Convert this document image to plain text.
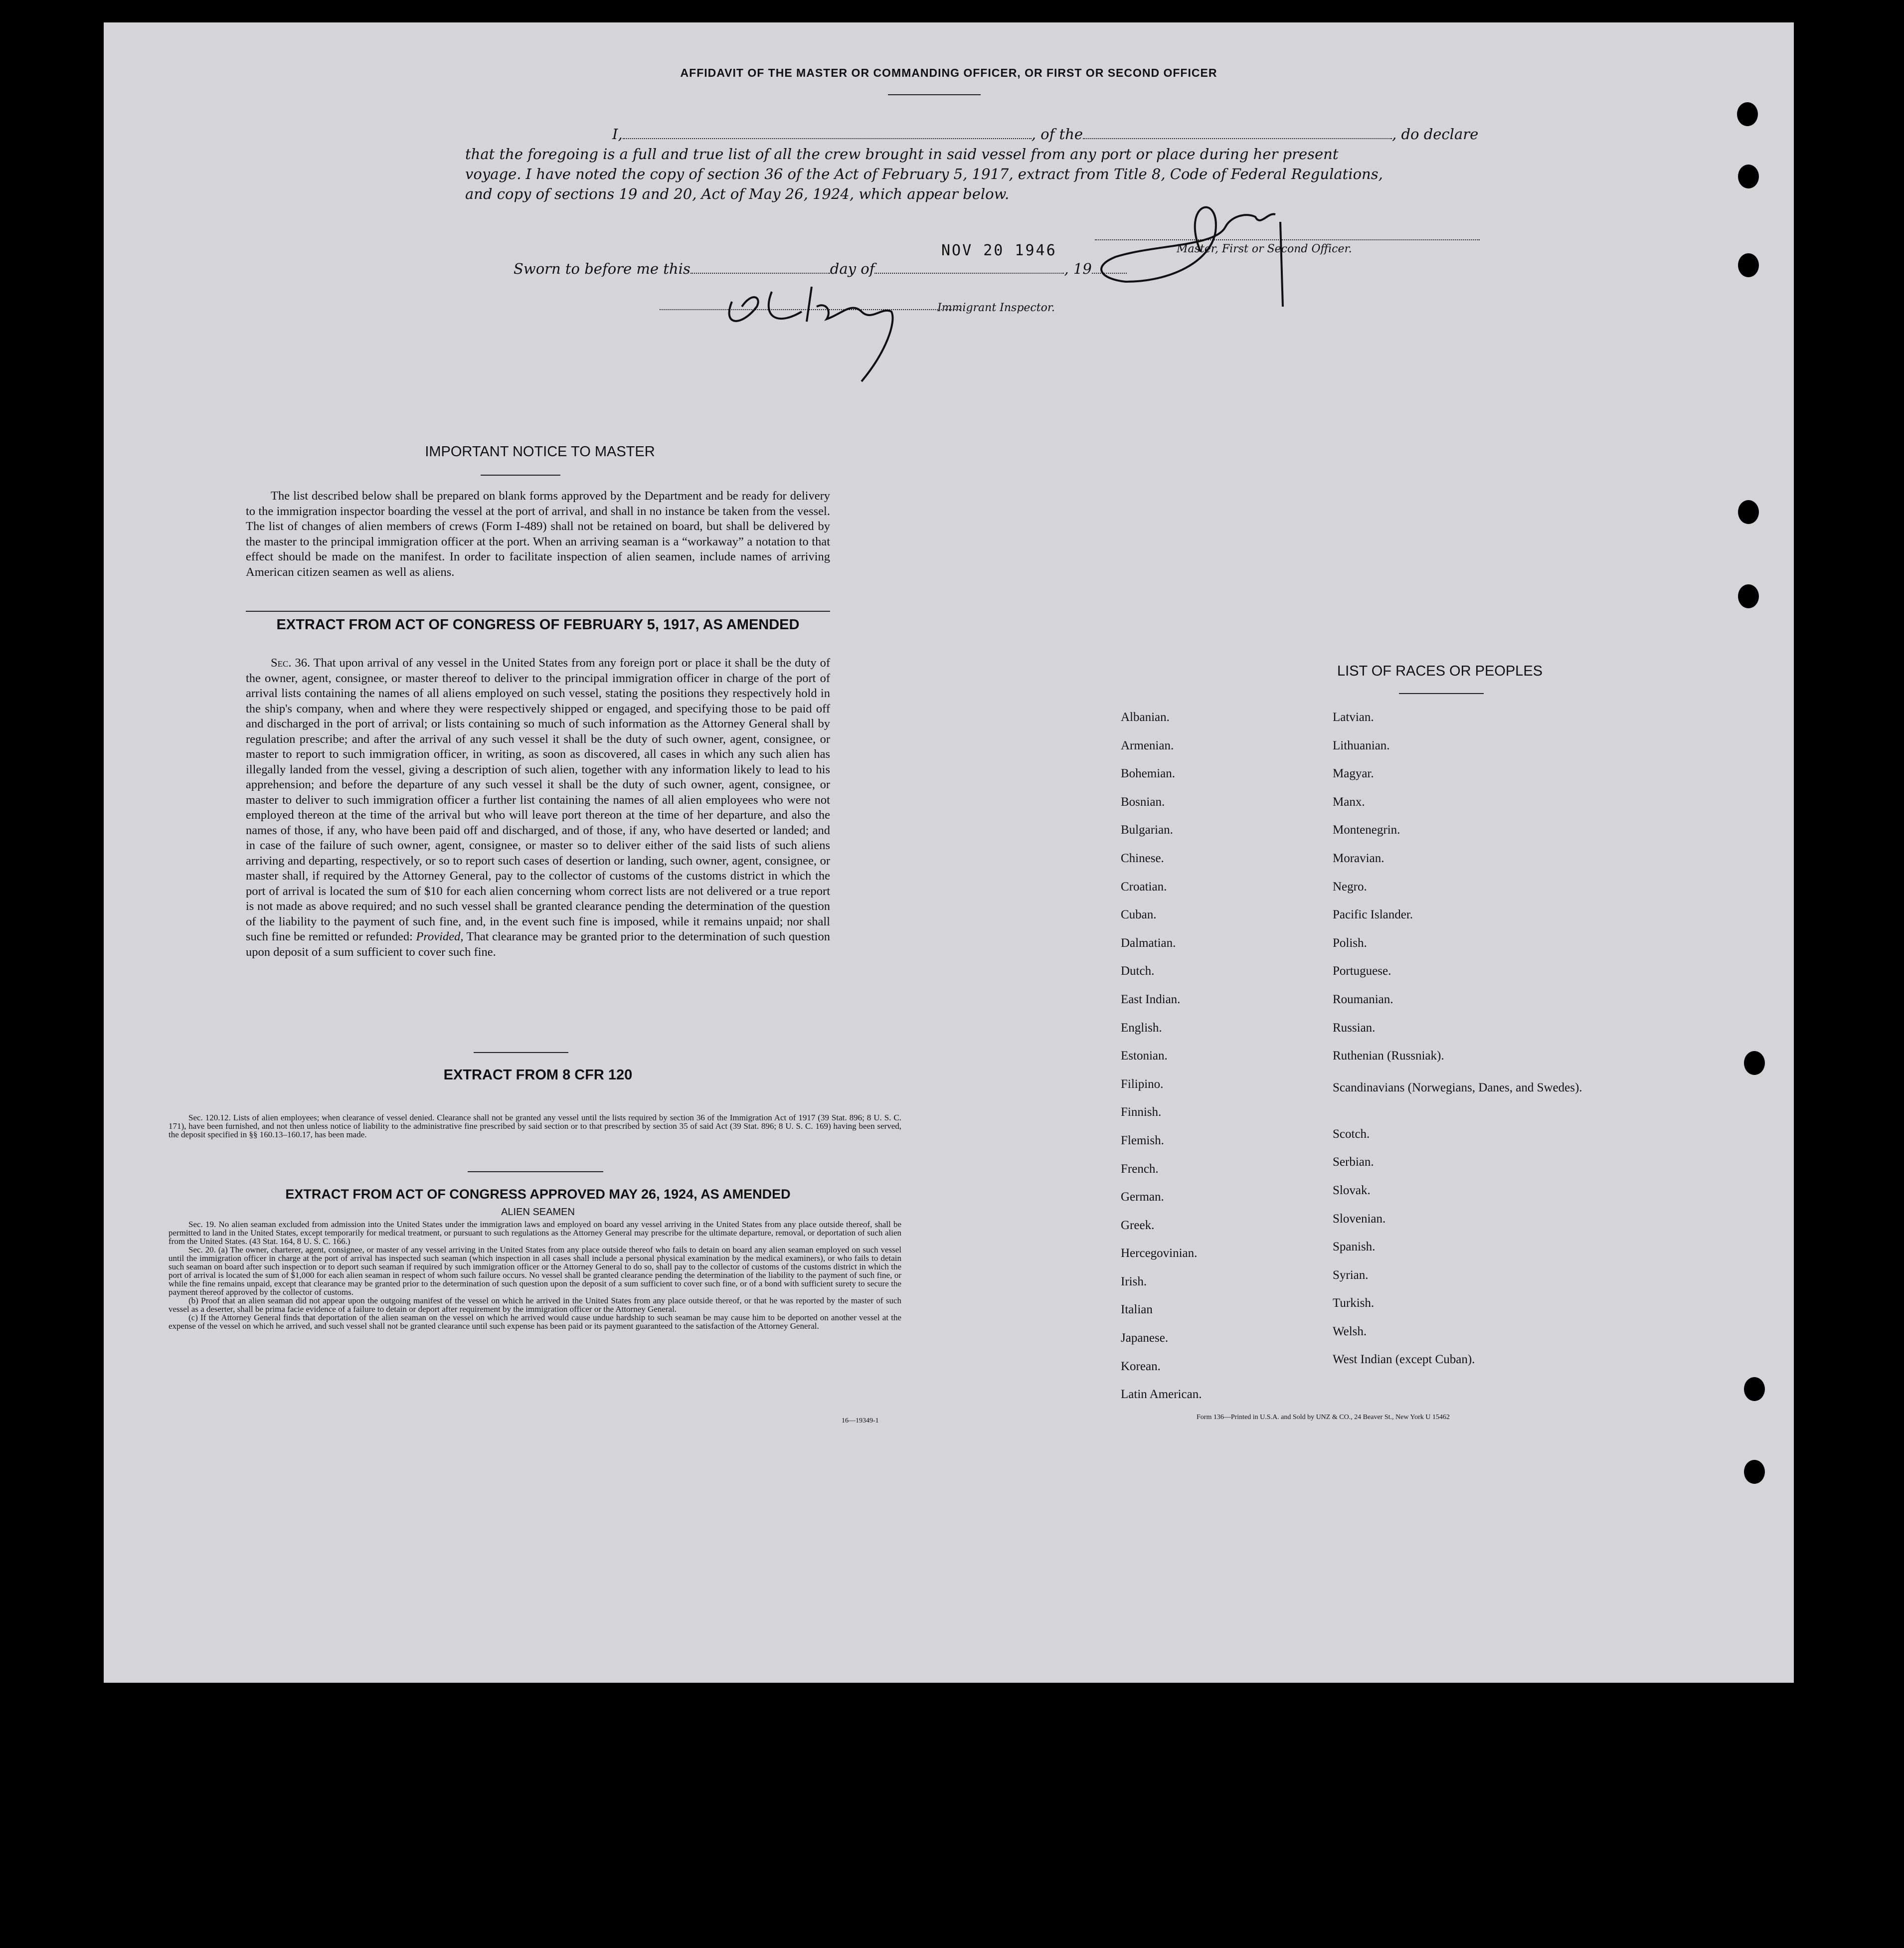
AFFIDAVIT OF THE MASTER OR COMMANDING OFFICER, OR FIRST OR SECOND OFFICER
I,	, of the	, do declare
that the foregoing is a full and true list of all the crew brought in said vessel from any port or place during her present
voyage. I have noted the copy of section 36 of the Act of February 5, 1917, extract from Title 8, Code of Federal Regulations,
and copy of sections 19 and 20, Act of May 26, 1924, which appear below.
Master, First or Second Officer.
Sworn to before me this	day of	, 19
NOV 20 1946
Immigrant Inspector.
IMPORTANT NOTICE TO MASTER
The list described below shall be prepared on blank forms approved by the Department and be ready for delivery to the immigration inspector boarding the vessel at the port of arrival, and shall in no instance be taken from the vessel. The list of changes of alien members of crews (Form I-489) shall not be retained on board, but shall be delivered by the master to the principal immigration officer at the port. When an arriving seaman is a “workaway” a notation to that effect should be made on the manifest. In order to facilitate inspection of alien seamen, include names of arriving American citizen seamen as well as aliens.
EXTRACT FROM ACT OF CONGRESS OF FEBRUARY 5, 1917, AS AMENDED
Sec. 36. That upon arrival of any vessel in the United States from any foreign port or place it shall be the duty of the owner, agent, consignee, or master thereof to deliver to the principal immigration officer in charge of the port of arrival lists containing the names of all aliens employed on such vessel, stating the positions they respectively hold in the ship's company, when and where they were respectively shipped or engaged, and specifying those to be paid off and discharged in the port of arrival; or lists containing so much of such information as the Attorney General shall by regulation prescribe; and after the arrival of any such vessel it shall be the duty of such owner, agent, consignee, or master to report to such immigration officer, in writing, as soon as discovered, all cases in which any such alien has illegally landed from the vessel, giving a description of such alien, together with any information likely to lead to his apprehension; and before the departure of any such vessel it shall be the duty of such owner, agent, consignee, or master to deliver to such immigration officer a further list containing the names of all alien employees who were not employed thereon at the time of the arrival but who will leave port thereon at the time of her departure, and also the names of those, if any, who have been paid off and discharged, and of those, if any, who have deserted or landed; and in case of the failure of such owner, agent, consignee, or master so to deliver either of the said lists of such aliens arriving and departing, respectively, or so to report such cases of desertion or landing, such owner, agent, consignee, or master shall, if required by the Attorney General, pay to the collector of customs of the customs district in which the port of arrival is located the sum of $10 for each alien concerning whom correct lists are not delivered or a true report is not made as above required; and no such vessel shall be granted clearance pending the determination of the question of the liability to the payment of such fine, and, in the event such fine is imposed, while it remains unpaid; nor shall such fine be remitted or refunded: Provided, That clearance may be granted prior to the determination of such question upon deposit of a sum sufficient to cover such fine.
EXTRACT FROM 8 CFR 120
Sec. 120.12. Lists of alien employees; when clearance of vessel denied. Clearance shall not be granted any vessel until the lists required by section 36 of the Immigration Act of 1917 (39 Stat. 896; 8 U. S. C. 171), have been furnished, and not then unless notice of liability to the administrative fine prescribed by said section or to that prescribed by section 35 of said Act (39 Stat. 896; 8 U. S. C. 169) having been served, the deposit specified in §§ 160.13–160.17, has been made.
EXTRACT FROM ACT OF CONGRESS APPROVED MAY 26, 1924, AS AMENDED
ALIEN SEAMEN

Sec. 19. No alien seaman excluded from admission into the United States under the immigration laws and employed on board any vessel arriving in the United States from any place outside thereof, shall be permitted to land in the United States, except temporarily for medical treatment, or pursuant to such regulations as the Attorney General may prescribe for the ultimate departure, removal, or deportation of such alien from the United States. (43 Stat. 164, 8 U. S. C. 166.)

Sec. 20. (a) The owner, charterer, agent, consignee, or master of any vessel arriving in the United States from any place outside thereof who fails to detain on board any alien seaman employed on such vessel until the immigration officer in charge at the port of arrival has inspected such seaman (which inspection in all cases shall include a personal physical examination by the medical examiners), or who fails to detain such seaman on board after such inspection or to deport such seaman if required by such immigration officer or the Attorney General to do so, shall pay to the collector of customs of the customs district in which the port of arrival is located the sum of $1,000 for each alien seaman in respect of whom such failure occurs. No vessel shall be granted clearance pending the determination of the liability to the payment of such fine, or while the fine remains unpaid, except that clearance may be granted prior to the determination of such question upon the deposit of a sum sufficient to cover such fine, or of a bond with sufficient surety to secure the payment thereof approved by the collector of customs.

(b) Proof that an alien seaman did not appear upon the outgoing manifest of the vessel on which he arrived in the United States from any place outside thereof, or that he was reported by the master of such vessel as a deserter, shall be prima facie evidence of a failure to detain or deport after requirement by the immigration officer or the Attorney General.

(c) If the Attorney General finds that deportation of the alien seaman on the vessel on which he arrived would cause undue hardship to such seaman be may cause him to be deported on another vessel at the expense of the vessel on which he arrived, and such vessel shall not be granted clearance until such expense has been paid or its payment guaranteed to the satisfaction of the Attorney General.

16—19349-1
LIST OF RACES OR PEOPLES
Albanian.
Armenian.
Bohemian.
Bosnian.
Bulgarian.
Chinese.
Croatian.
Cuban.
Dalmatian.
Dutch.
East Indian.
English.
Estonian.
Filipino.
Finnish.
Flemish.
French.
German.
Greek.
Hercegovinian.
Irish.
Italian
Japanese.
Korean.
Latin American.
Latvian.
Lithuanian.
Magyar.
Manx.
Montenegrin.
Moravian.
Negro.
Pacific Islander.
Polish.
Portuguese.
Roumanian.
Russian.
Ruthenian (Russniak).
Scandinavians (Norwegians, Danes, and Swedes).
Scotch.
Serbian.
Slovak.
Slovenian.
Spanish.
Syrian.
Turkish.
Welsh.
West Indian (except Cuban).
Form 136—Printed in U.S.A. and Sold by UNZ & CO., 24 Beaver St., New York U 15462
